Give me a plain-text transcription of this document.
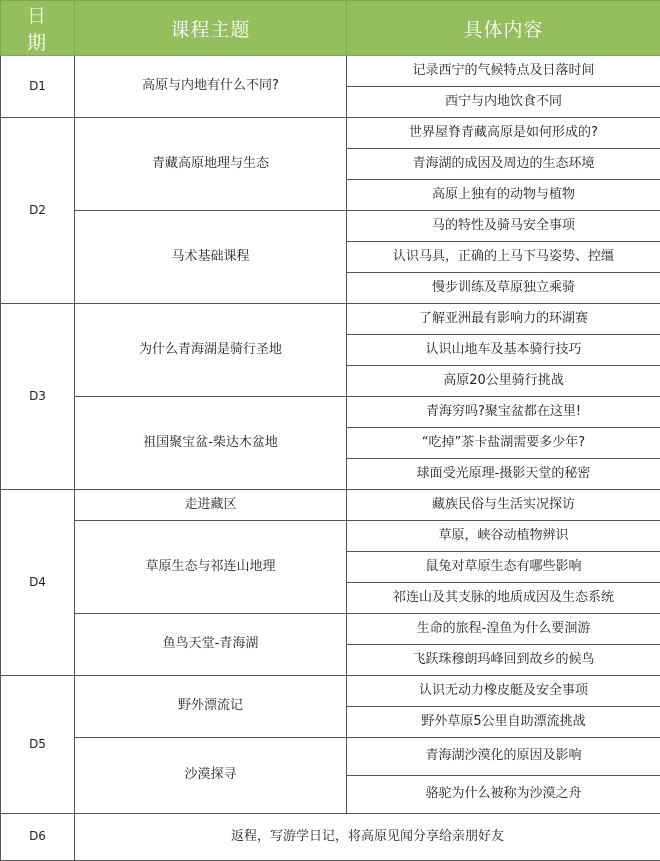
日 期	课程主题	具体内容
D1	高原与内地有什么不同?	记录西宁的气候特点及日落时间
		西宁与内地饮食不同
D2	青藏高原地理与生态	世界屋脊青藏高原是如何形成的?
		青海湖的成因及周边的生态环境
		高原上独有的动物与植物
	马术基础课程	马的特性及骑马安全事项
		认识马具，正确的上马下马姿势、控缰
		慢步训练及草原独立乘骑
D3	为什么青海湖是骑行圣地	了解亚洲最有影响力的环湖赛
		认识山地车及基本骑行技巧
		高原20公里骑行挑战
	祖国聚宝盆-柴达木盆地	青海穷吗?聚宝盆都在这里!
		“吃掉”茶卡盐湖需要多少年?
		球面受光原理-摄影天堂的秘密
D4	走进藏区	藏族民俗与生活实况探访
	草原生态与祁连山地理	草原，峡谷动植物辨识
		鼠兔对草原生态有哪些影响
		祁连山及其支脉的地质成因及生态系统
	鱼鸟天堂-青海湖	生命的旅程-湟鱼为什么要洄游
		飞跃珠穆朗玛峰回到故乡的候鸟
D5	野外漂流记	认识无动力橡皮艇及安全事项
		野外草原5公里自助漂流挑战
	沙漠探寻	青海湖沙漠化的原因及影响
		骆驼为什么被称为沙漠之舟
D6	返程，写游学日记，将高原见闻分享给亲朋好友	
